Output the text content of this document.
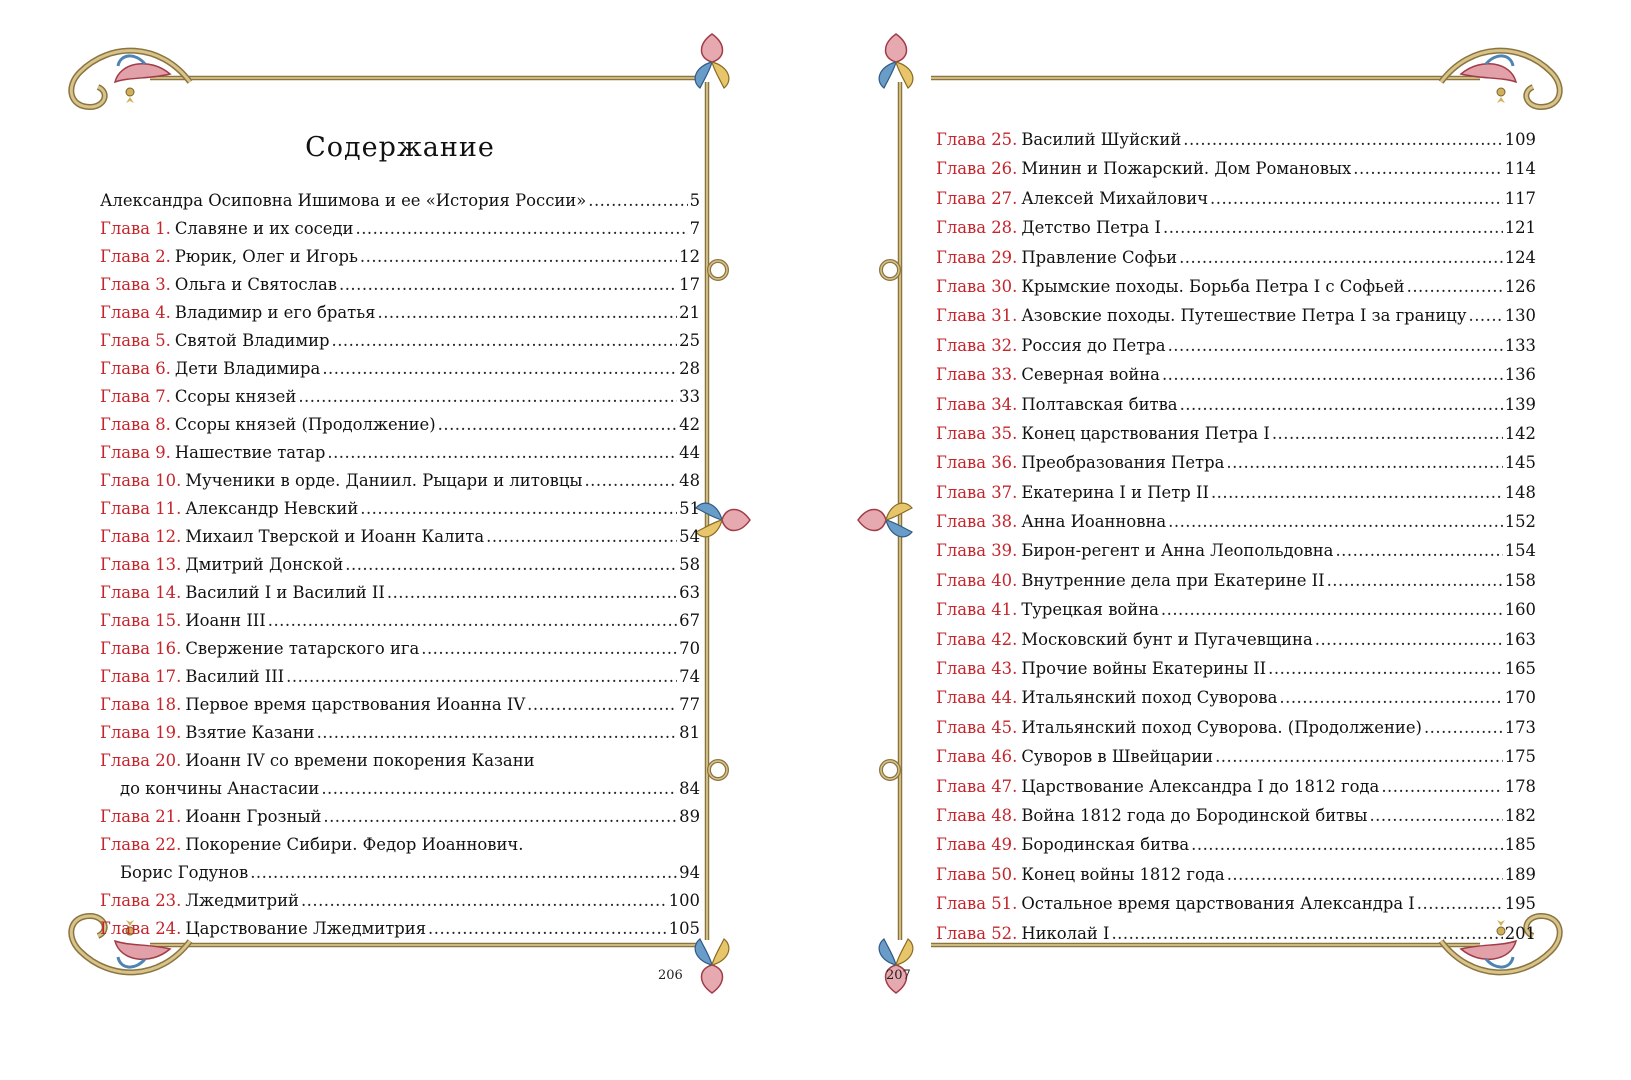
Содержание
Александра Осиповна Ишимова и ее «История России» .....	5
Глава 1. Славяне и их соседи .....	7
Глава 2. Рюрик, Олег и Игорь .....	12
Глава 3. Ольга и Святослав .....	17
Глава 4. Владимир и его братья .....	21
Глава 5. Святой Владимир .....	25
Глава 6. Дети Владимира .....	28
Глава 7. Ссоры князей .....	33
Глава 8. Ссоры князей (Продолжение) .....	42
Глава 9. Нашествие татар .....	44
Глава 10. Мученики в орде. Даниил. Рыцари и литовцы .....	48
Глава 11. Александр Невский .....	51
Глава 12. Михаил Тверской и Иоанн Калита .....	54
Глава 13. Дмитрий Донской .....	58
Глава 14. Василий I и Василий II .....	63
Глава 15. Иоанн III .....	67
Глава 16. Свержение татарского ига .....	70
Глава 17. Василий III .....	74
Глава 18. Первое время царствования Иоанна IV .....	77
Глава 19. Взятие Казани .....	81
Глава 20. Иоанн IV со времени покорения Казани
до кончины Анастасии .....	84
Глава 21. Иоанн Грозный .....	89
Глава 22. Покорение Сибири. Федор Иоаннович.
Борис Годунов .....	94
Глава 23. Лжедмитрий .....	100
Глава 24. Царствование Лжедмитрия .....	105
Глава 25. Василий Шуйский .....	109
Глава 26. Минин и Пожарский. Дом Романовых .....	114
Глава 27. Алексей Михайлович .....	117
Глава 28. Детство Петра I .....	121
Глава 29. Правление Софьи .....	124
Глава 30. Крымские походы. Борьба Петра I с Софьей .....	126
Глава 31. Азовские походы. Путешествие Петра I за границу ..... 130
Глава 32. Россия до Петра .....	133
Глава 33. Северная война .....	136
Глава 34. Полтавская битва .....	139
Глава 35. Конец царствования Петра I .....	142
Глава 36. Преобразования Петра .....	145
Глава 37. Екатерина I и Петр II .....	148
Глава 38. Анна Иоанновна .....	152
Глава 39. Бирон-регент и Анна Леопольдовна .....	154
Глава 40. Внутренние дела при Екатерине II .....	158
Глава 41. Турецкая война .....	160
Глава 42. Московский бунт и Пугачевщина .....	163
Глава 43. Прочие войны Екатерины II .....	165
Глава 44. Итальянский поход Суворова .....	170
Глава 45. Итальянский поход Суворова. (Продолжение) .....	173
Глава 46. Суворов в Швейцарии .....	175
Глава 47. Царствование Александра I до 1812 года .....	178
Глава 48. Война 1812 года до Бородинской битвы .....	182
Глава 49. Бородинская битва .....	185
Глава 50. Конец войны 1812 года .....	189
Глава 51. Остальное время царствования Александра I .....	195
Глава 52. Николай I .....	201
206	207
